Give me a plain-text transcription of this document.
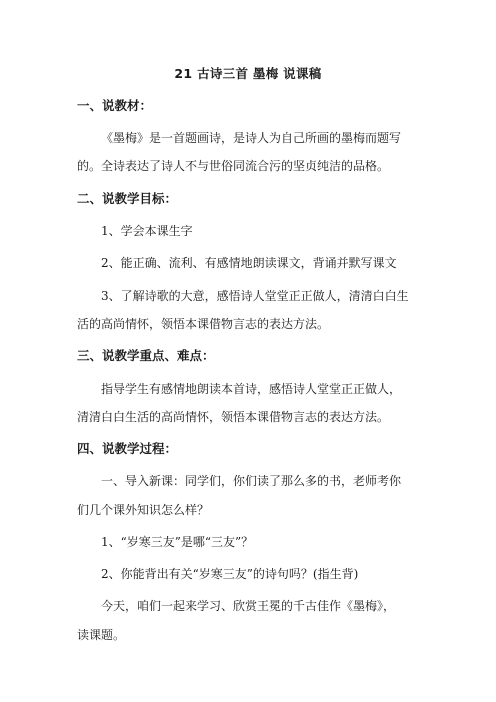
21 古诗三首 墨梅 说课稿
一、说教材：
《墨梅》是一首题画诗，是诗人为自己所画的墨梅而题写
的。全诗表达了诗人不与世俗同流合污的坚贞纯洁的品格。
二、说教学目标：
1、学会本课生字
2、能正确、流利、有感情地朗读课文，背诵并默写课文
3、了解诗歌的大意，感悟诗人堂堂正正做人，清清白白生
活的高尚情怀，领悟本课借物言志的表达方法。
三、说教学重点、难点：
指导学生有感情地朗读本首诗，感悟诗人堂堂正正做人，
清清白白生活的高尚情怀，领悟本课借物言志的表达方法。
四、说教学过程：
一、导入新课：同学们，你们读了那么多的书，老师考你
们几个课外知识怎么样？
1、“岁寒三友”是哪“三友”？
2、你能背出有关“岁寒三友”的诗句吗？(指生背)
今天，咱们一起来学习、欣赏王冕的千古佳作《墨梅》，
读课题。
